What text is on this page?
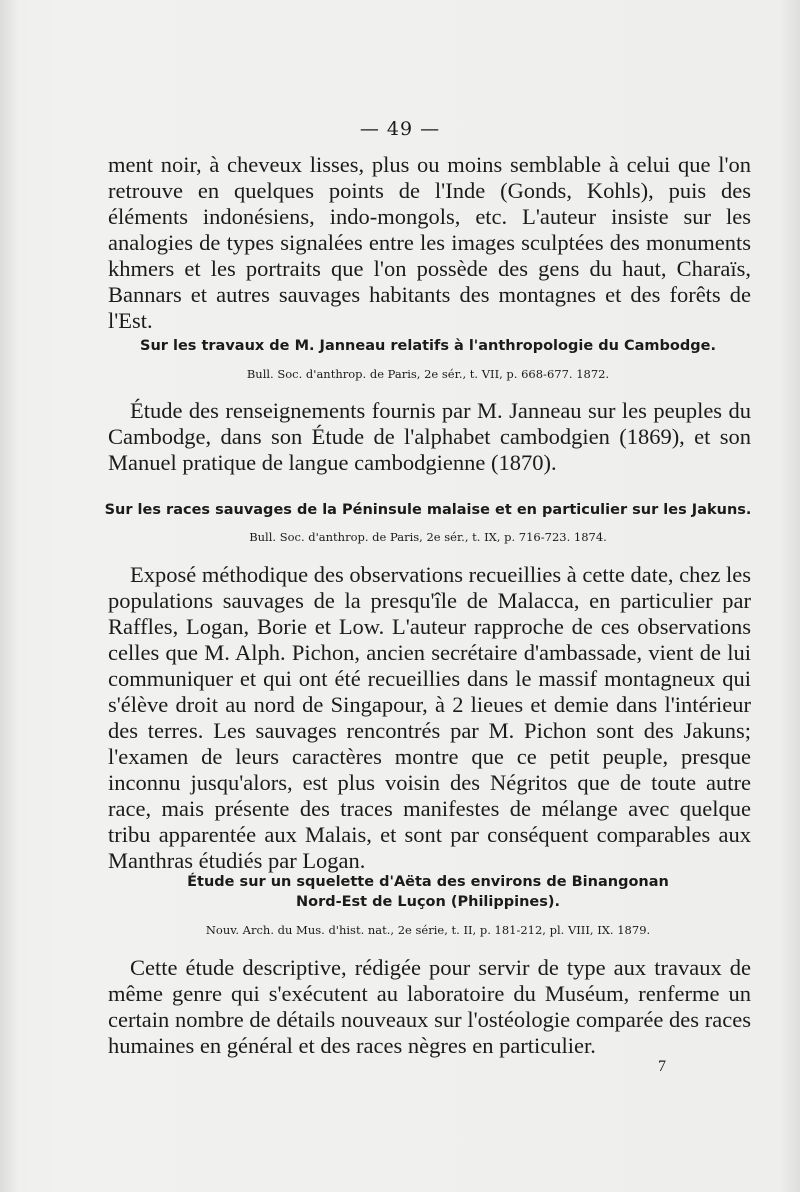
— 49 —
ment noir, à cheveux lisses, plus ou moins semblable à celui que l'on retrouve en quelques points de l'Inde (Gonds, Kohls), puis des éléments indonésiens, indo-mongols, etc. L'auteur insiste sur les analogies de types signalées entre les images sculptées des monuments khmers et les portraits que l'on possède des gens du haut, Charaïs, Bannars et autres sauvages habitants des montagnes et des forêts de l'Est.
Sur les travaux de M. Janneau relatifs à l'anthropologie du Cambodge.
Bull. Soc. d'anthrop. de Paris, 2e sér., t. VII, p. 668-677. 1872.
Étude des renseignements fournis par M. Janneau sur les peuples du Cambodge, dans son Étude de l'alphabet cambodgien (1869), et son Manuel pratique de langue cambodgienne (1870).
Sur les races sauvages de la Péninsule malaise et en particulier sur les Jakuns.
Bull. Soc. d'anthrop. de Paris, 2e sér., t. IX, p. 716-723. 1874.
Exposé méthodique des observations recueillies à cette date, chez les populations sauvages de la presqu'île de Malacca, en particulier par Raffles, Logan, Borie et Low. L'auteur rapproche de ces observations celles que M. Alph. Pichon, ancien secrétaire d'ambassade, vient de lui communiquer et qui ont été recueillies dans le massif montagneux qui s'élève droit au nord de Singapour, à 2 lieues et demie dans l'intérieur des terres. Les sauvages rencontrés par M. Pichon sont des Jakuns; l'examen de leurs caractères montre que ce petit peuple, presque inconnu jusqu'alors, est plus voisin des Négritos que de toute autre race, mais présente des traces manifestes de mélange avec quelque tribu apparentée aux Malais, et sont par conséquent comparables aux Manthras étudiés par Logan.
Étude sur un squelette d'Aëta des environs de Binangonan
Nord-Est de Luçon (Philippines).
Nouv. Arch. du Mus. d'hist. nat., 2e série, t. II, p. 181-212, pl. VIII, IX. 1879.
Cette étude descriptive, rédigée pour servir de type aux travaux de même genre qui s'exécutent au laboratoire du Muséum, renferme un certain nombre de détails nouveaux sur l'ostéologie comparée des races humaines en général et des races nègres en particulier.
7
